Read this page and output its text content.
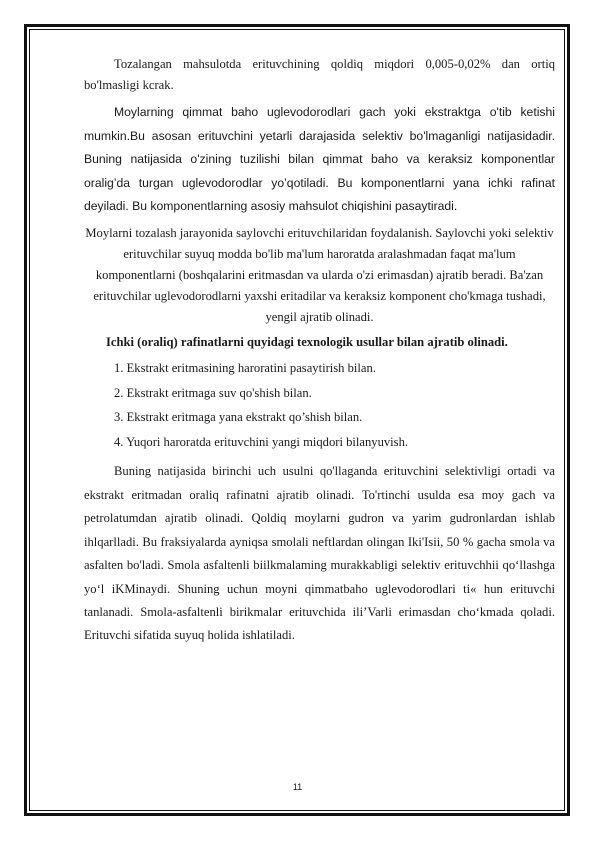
Tozalangan mahsulotda erituvchining qoldiq miqdori 0,005-0,02% dan ortiq bo'lmasligi kcrak.

Moylarning qimmat baho uglevodorodlari gach yoki ekstraktga o'tib ketishi mumkin.Bu asosan erituvchini yetarli darajasida selektiv bo'lmaganligi natijasidadir. Buning natijasida o'zining tuzilishi bilan qimmat baho va keraksiz komponentlar oralig’da turgan uglevodorodlar yo’qotiladi. Bu komponentlarni yana ichki rafinat deyiladi. Bu komponentlarning asosiy mahsulot chiqishini pasaytiradi.

Moylarni tozalash jarayonida saylovchi erituvchilaridan foydalanish. Saylovchi yoki selektiv erituvchilar suyuq modda bo'lib ma'lum haroratda aralashmadan faqat ma'lum komponentlarni (boshqalarini eritmasdan va ularda o'zi erimasdan) ajratib beradi. Ba'zan erituvchilar uglevodorodlarni yaxshi eritadilar va keraksiz komponent cho'kmaga tushadi, yengil ajratib olinadi.

Ichki (oraliq) rafinatlarni quyidagi texnologik usullar bilan ajratib olinadi.

1. Ekstrakt eritmasining haroratini pasaytirish bilan.
2. Ekstrakt eritmaga suv qo'shish bilan.
3. Ekstrakt eritmaga yana ekstrakt qo’shish bilan.
4. Yuqori haroratda erituvchini yangi miqdori bilanyuvish.

Buning natijasida birinchi uch usulni qo'llaganda erituvchini selektivligi ortadi va ekstrakt eritmadan oraliq rafinatni ajratib olinadi. To'rtinchi usulda esa moy gach va petrolatumdan ajratib olinadi. Qoldiq moylarni gudron va yarim gudronlardan ishlab ihlqarlladi. Bu fraksiyalarda ayniqsa smolali neftlardan olingan Iki'Isii, 50 % gacha smola va asfalten bo'ladi. Smola asfaltenli biilkmalaming murakkabligi selektiv erituvchhii qo‘llashga yo‘l iKMinaydi. Shuning uchun moyni qimmatbaho uglevodorodlari ti« hun erituvchi tanlanadi. Smola-asfaltenli birikmalar erituvchida ili’Varli erimasdan cho‘kmada qoladi. Erituvchi sifatida suyuq holida ishlatiladi.

11
